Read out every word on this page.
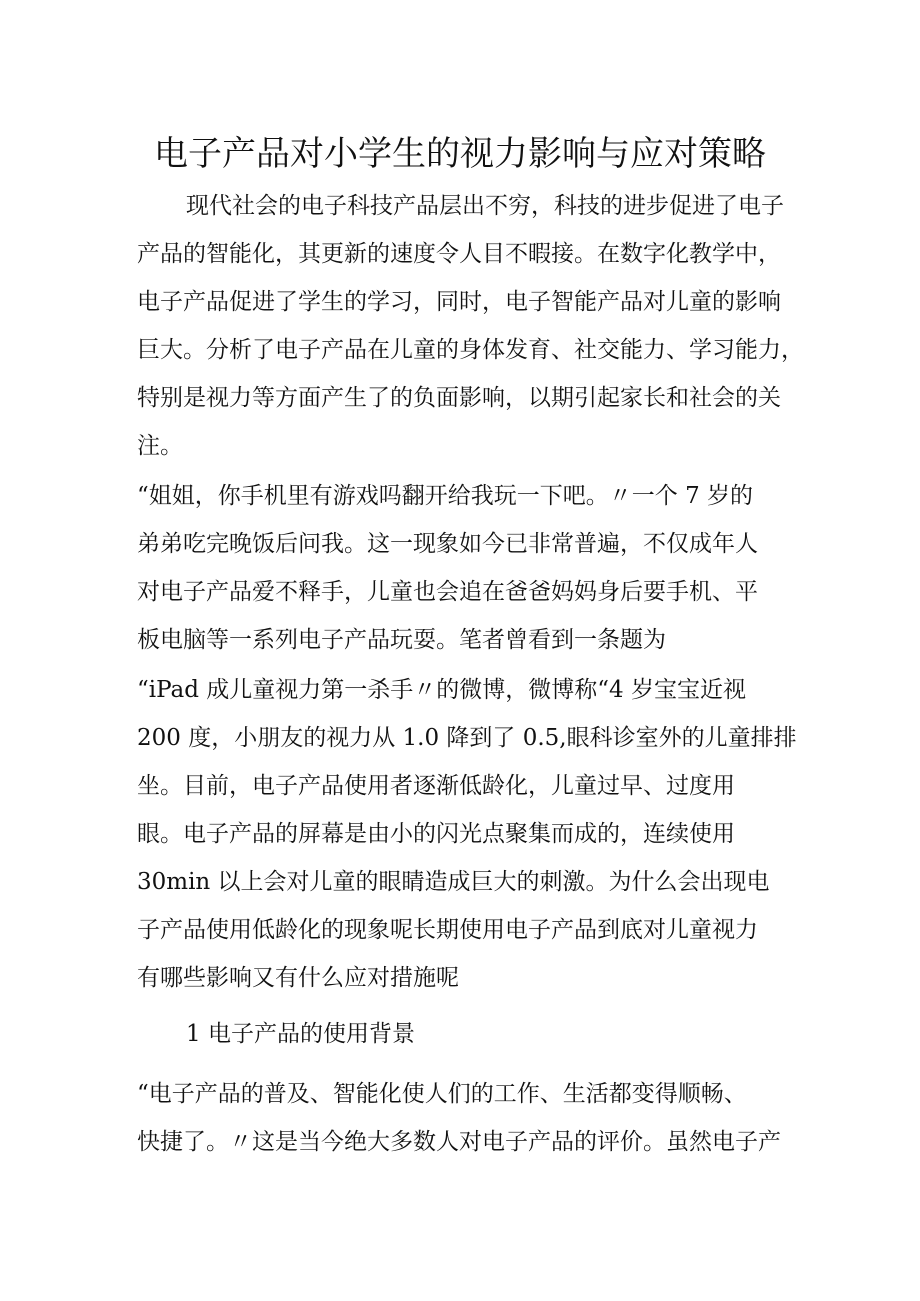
电子产品对小学生的视力影响与应对策略

现代社会的电子科技产品层出不穷，科技的进步促进了电子

产品的智能化，其更新的速度令人目不暇接。在数字化教学中，

电子产品促进了学生的学习，同时，电子智能产品对儿童的影响

巨大。分析了电子产品在儿童的身体发育、社交能力、学习能力，

特别是视力等方面产生了的负面影响，以期引起家长和社会的关

注。

“姐姐，你手机里有游戏吗翻开给我玩一下吧。〃一个 7 岁的

弟弟吃完晚饭后问我。这一现象如今已非常普遍，不仅成年人

对电子产品爱不释手，儿童也会追在爸爸妈妈身后要手机、平

板电脑等一系列电子产品玩耍。笔者曾看到一条题为

“iPad 成儿童视力第一杀手〃的微博，微博称“4 岁宝宝近视

200 度，小朋友的视力从 1.0 降到了 0.5,眼科诊室外的儿童排排

坐。目前，电子产品使用者逐渐低龄化，儿童过早、过度用

眼。电子产品的屏幕是由小的闪光点聚集而成的，连续使用

30min 以上会对儿童的眼睛造成巨大的刺激。为什么会出现电

子产品使用低龄化的现象呢长期使用电子产品到底对儿童视力

有哪些影响又有什么应对措施呢

1 电子产品的使用背景

“电子产品的普及、智能化使人们的工作、生活都变得顺畅、

快捷了。〃这是当今绝大多数人对电子产品的评价。虽然电子产
